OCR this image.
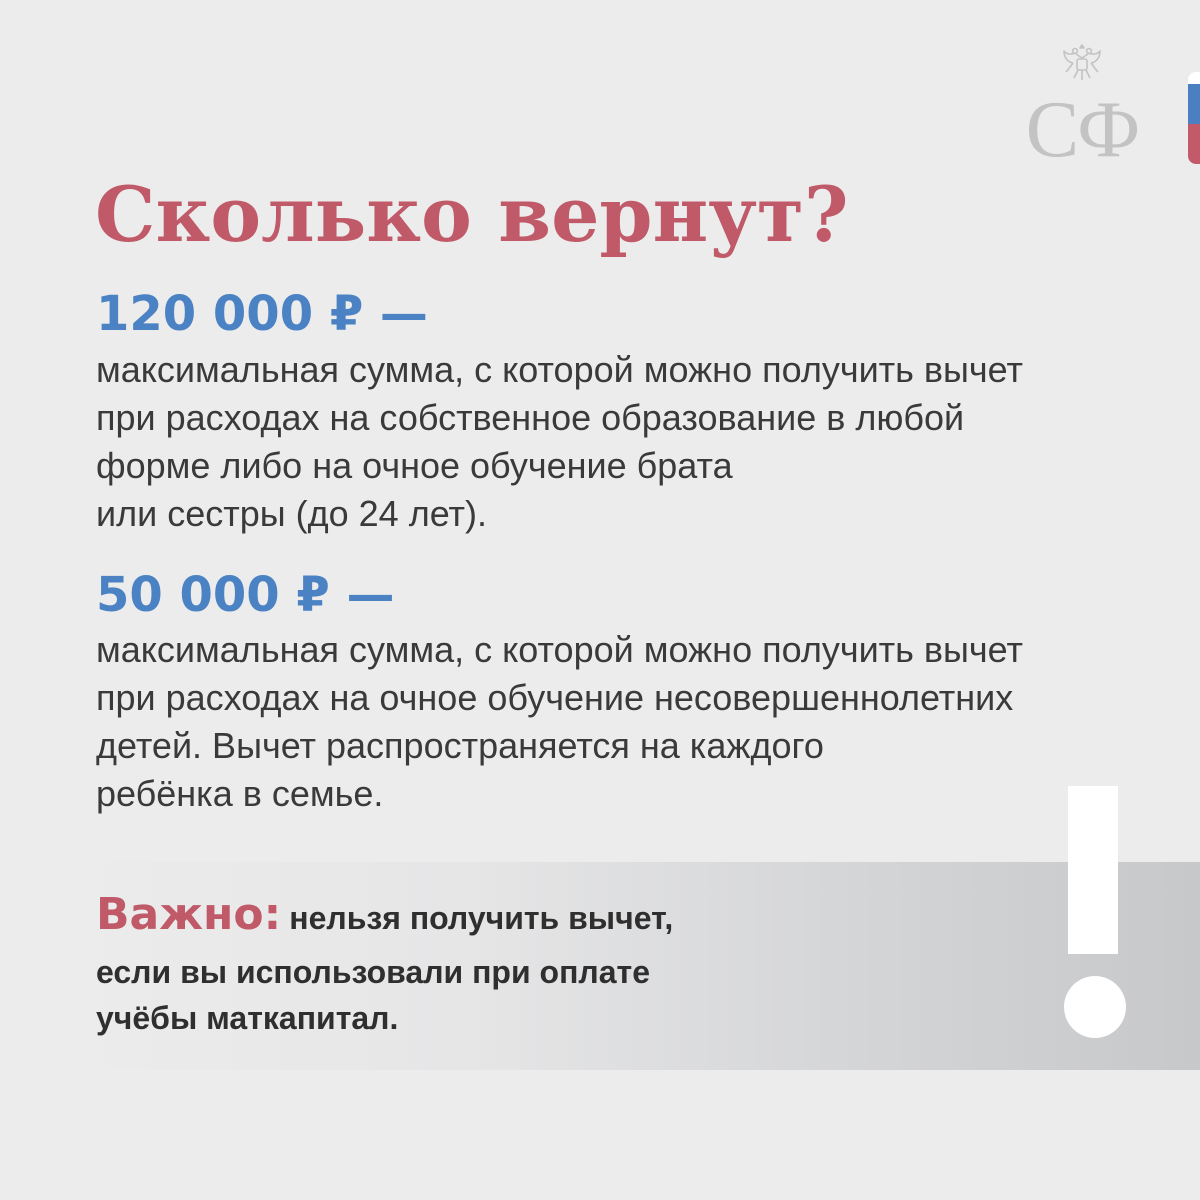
СФ
Сколько вернут?
120 000 ₽ —

максимальная сумма, с которой можно получить вычет
при расходах на собственное образование в любой
форме либо на очное обучение брата
или сестры (до 24 лет).

50 000 ₽ —

максимальная сумма, с которой можно получить вычет
при расходах на очное обучение несовершеннолетних
детей. Вычет распространяется на каждого
ребёнка в семье.

Важно: нельзя получить вычет,
если вы использовали при оплате
учёбы маткапитал.
